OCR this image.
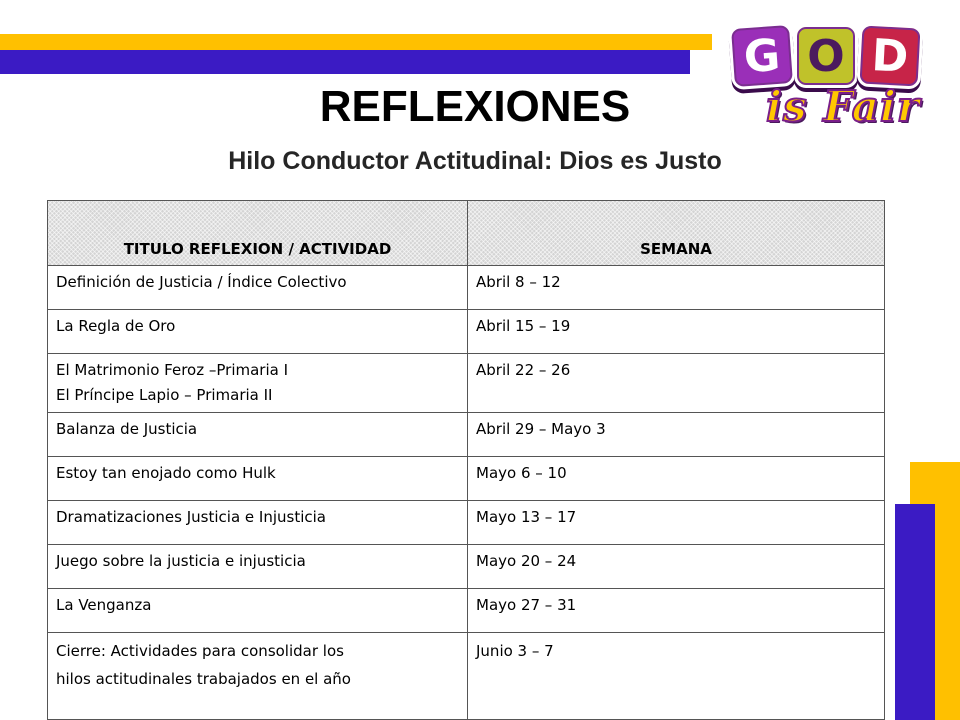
G O D
is Fair
REFLEXIONES
Hilo Conductor Actitudinal: Dios es Justo
TITULO REFLEXION / ACTIVIDAD	SEMANA
Definición de Justicia / Índice Colectivo	Abril 8 – 12
La Regla de Oro	Abril 15 – 19

El Matrimonio Feroz –Primaria I
El Príncipe Lapio – Primaria II	Abril 22 – 26
Balanza de Justicia	Abril 29 – Mayo 3
Estoy tan enojado como Hulk	Mayo 6 – 10
Dramatizaciones Justicia e Injusticia	Mayo 13 – 17
Juego sobre la justicia e injusticia	Mayo 20 – 24
La Venganza	Mayo 27 – 31

Cierre: Actividades para consolidar los
hilos actitudinales trabajados en el año	Junio 3 – 7
